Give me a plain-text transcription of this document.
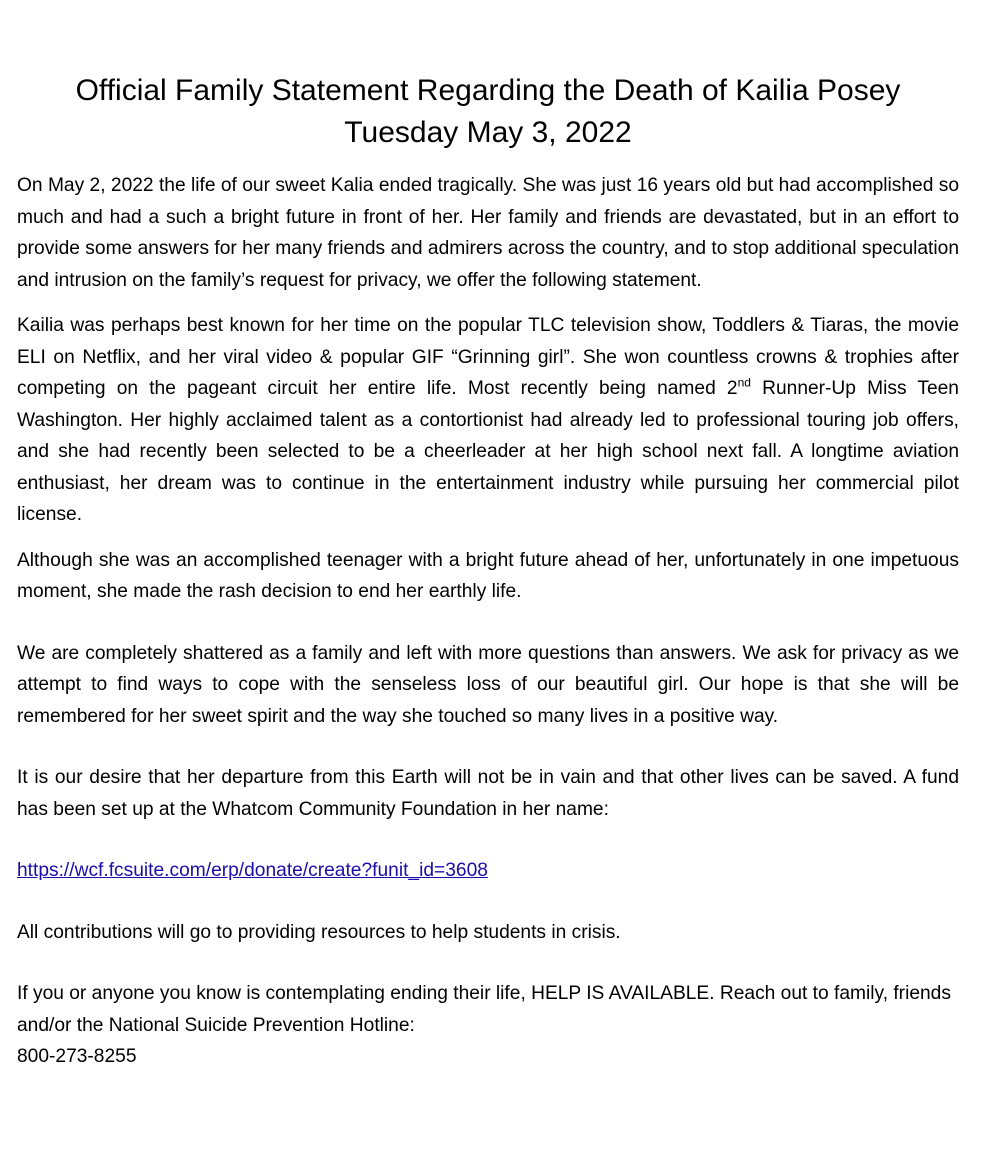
Official Family Statement Regarding the Death of Kailia Posey
Tuesday May 3, 2022

On May 2, 2022 the life of our sweet Kalia ended tragically. She was just 16 years old but had accomplished so much and had a such a bright future in front of her. Her family and friends are devastated, but in an effort to provide some answers for her many friends and admirers across the country, and to stop additional speculation and intrusion on the family’s request for privacy, we offer the following statement.

Kailia was perhaps best known for her time on the popular TLC television show, Toddlers & Tiaras, the movie ELI on Netflix, and her viral video & popular GIF “Grinning girl”. She won countless crowns & trophies after competing on the pageant circuit her entire life. Most recently being named 2nd Runner-Up Miss Teen Washington. Her highly acclaimed talent as a contortionist had already led to professional touring job offers, and she had recently been selected to be a cheerleader at her high school next fall. A longtime aviation enthusiast, her dream was to continue in the entertainment industry while pursuing her commercial pilot license.

Although she was an accomplished teenager with a bright future ahead of her, unfortunately in one impetuous moment, she made the rash decision to end her earthly life.

We are completely shattered as a family and left with more questions than answers. We ask for privacy as we attempt to find ways to cope with the senseless loss of our beautiful girl. Our hope is that she will be remembered for her sweet spirit and the way she touched so many lives in a positive way.

It is our desire that her departure from this Earth will not be in vain and that other lives can be saved. A fund has been set up at the Whatcom Community Foundation in her name:

https://wcf.fcsuite.com/erp/donate/create?funit_id=3608

All contributions will go to providing resources to help students in crisis.

If you or anyone you know is contemplating ending their life, HELP IS AVAILABLE. Reach out to family, friends and/or the National Suicide Prevention Hotline:
800-273-8255
